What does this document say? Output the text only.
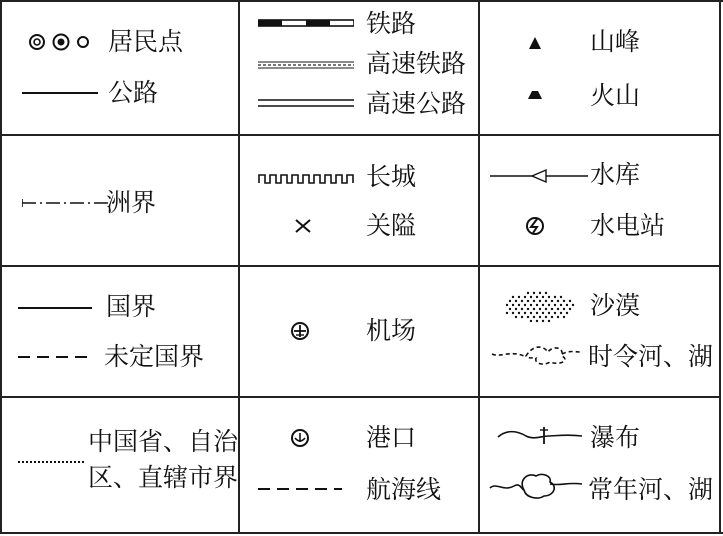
居民点
公路
铁路
高速铁路
高速公路
山峰
火山
洲界
长城
关隘
水库
水电站
国界
未定国界
机场
沙漠
时令河、湖
中国省、自治
区、直辖市界
港口
航海线
瀑布
常年河、湖
